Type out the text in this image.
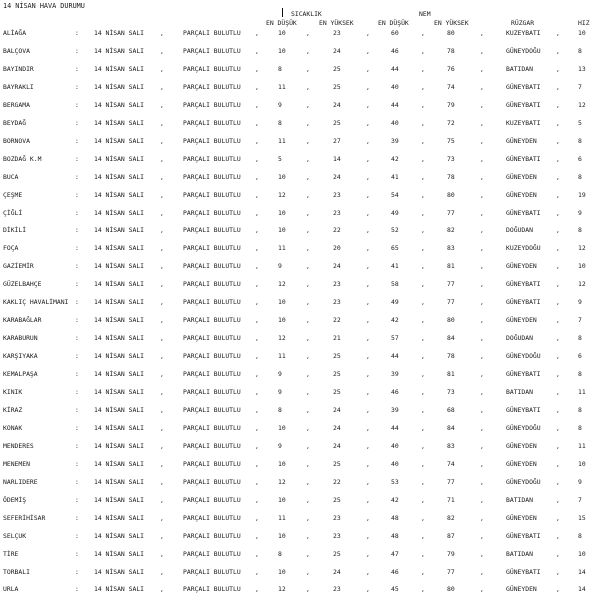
14 NİSAN HAVA DURUMU
SICAKLIK	NEM
EN DÜŞÜK	EN YÜKSEK	EN DÜŞÜK	EN YÜKSEK	RÜZGAR	HIZ
ALİAĞA	: 14 NİSAN SALI ,	PARÇALI BULUTLU ,	10	,	23	,	60	,	80	,	KUZEYBATI ,	10
BALÇOVA	: 14 NİSAN SALI ,	PARÇALI BULUTLU ,	10	,	24	,	46	,	78	,	GÜNEYDOĞU ,	8
BAYINDIR	: 14 NİSAN SALI ,	PARÇALI BULUTLU ,	8	,	25	,	44	,	76	,	BATIDAN	,	13
BAYRAKLI	: 14 NİSAN SALI ,	PARÇALI BULUTLU ,	11	,	25	,	40	,	74	,	GÜNEYBATI ,	7
BERGAMA	: 14 NİSAN SALI ,	PARÇALI BULUTLU ,	9	,	24	,	44	,	79	,	GÜNEYBATI ,	12
BEYDAĞ	: 14 NİSAN SALI ,	PARÇALI BULUTLU ,	8	,	25	,	40	,	72	,	KUZEYBATI ,	5
BORNOVA	: 14 NİSAN SALI ,	PARÇALI BULUTLU ,	11	,	27	,	39	,	75	,	GÜNEYDEN	,	8
BOZDAĞ K.M	: 14 NİSAN SALI ,	PARÇALI BULUTLU ,	5	,	14	,	42	,	73	,	GÜNEYBATI ,	6
BUCA	: 14 NİSAN SALI ,	PARÇALI BULUTLU ,	10	,	24	,	41	,	78	,	GÜNEYDEN	,	8
ÇEŞME	: 14 NİSAN SALI ,	PARÇALI BULUTLU ,	12	,	23	,	54	,	80	,	GÜNEYDEN	,	19
ÇİĞLİ	: 14 NİSAN SALI ,	PARÇALI BULUTLU ,	10	,	23	,	49	,	77	,	GÜNEYBATI ,	9
DİKİLİ	: 14 NİSAN SALI ,	PARÇALI BULUTLU ,	10	,	22	,	52	,	82	,	DOĞUDAN	,	8
FOÇA	: 14 NİSAN SALI ,	PARÇALI BULUTLU ,	11	,	20	,	65	,	83	,	KUZEYDOĞU ,	12
GAZİEMİR	: 14 NİSAN SALI ,	PARÇALI BULUTLU ,	9	,	24	,	41	,	81	,	GÜNEYDEN	,	10
GÜZELBAHÇE	: 14 NİSAN SALI ,	PARÇALI BULUTLU ,	12	,	23	,	58	,	77	,	GÜNEYBATI ,	12
KAKLIÇ HAVALİMANI : 14 NİSAN SALI ,	PARÇALI BULUTLU ,	10	,	23	,	49	,	77	,	GÜNEYBATI ,	9
KARABAĞLAR	: 14 NİSAN SALI ,	PARÇALI BULUTLU ,	10	,	22	,	42	,	80	,	GÜNEYDEN	,	7
KARABURUN	: 14 NİSAN SALI ,	PARÇALI BULUTLU ,	12	,	21	,	57	,	84	,	DOĞUDAN	,	8
KARŞIYAKA	: 14 NİSAN SALI ,	PARÇALI BULUTLU ,	11	,	25	,	44	,	78	,	GÜNEYDOĞU ,	6
KEMALPAŞA	: 14 NİSAN SALI ,	PARÇALI BULUTLU ,	9	,	25	,	39	,	81	,	GÜNEYBATI ,	8
KINIK	: 14 NİSAN SALI ,	PARÇALI BULUTLU ,	9	,	25	,	46	,	73	,	BATIDAN	,	11
KİRAZ	: 14 NİSAN SALI ,	PARÇALI BULUTLU ,	8	,	24	,	39	,	68	,	GÜNEYBATI ,	8
KONAK	: 14 NİSAN SALI ,	PARÇALI BULUTLU ,	10	,	24	,	44	,	84	,	GÜNEYDOĞU ,	8
MENDERES	: 14 NİSAN SALI ,	PARÇALI BULUTLU ,	9	,	24	,	40	,	83	,	GÜNEYDEN	,	11
MENEMEN	: 14 NİSAN SALI ,	PARÇALI BULUTLU ,	10	,	25	,	40	,	74	,	GÜNEYDEN	,	10
NARLIDERE	: 14 NİSAN SALI ,	PARÇALI BULUTLU ,	12	,	22	,	53	,	77	,	GÜNEYDOĞU ,	9
ÖDEMİŞ	: 14 NİSAN SALI ,	PARÇALI BULUTLU ,	10	,	25	,	42	,	71	,	BATIDAN	,	7
SEFERİHİSAR	: 14 NİSAN SALI ,	PARÇALI BULUTLU ,	11	,	23	,	48	,	82	,	GÜNEYDEN	,	15
SELÇUK	: 14 NİSAN SALI ,	PARÇALI BULUTLU ,	10	,	23	,	48	,	87	,	GÜNEYBATI ,	8
TİRE	: 14 NİSAN SALI ,	PARÇALI BULUTLU ,	8	,	25	,	47	,	79	,	BATIDAN	,	10
TORBALI	: 14 NİSAN SALI ,	PARÇALI BULUTLU ,	10	,	24	,	46	,	77	,	GÜNEYBATI ,	14
URLA	: 14 NİSAN SALI ,	PARÇALI BULUTLU ,	12	,	23	,	45	,	80	,	GÜNEYDEN	,	14
